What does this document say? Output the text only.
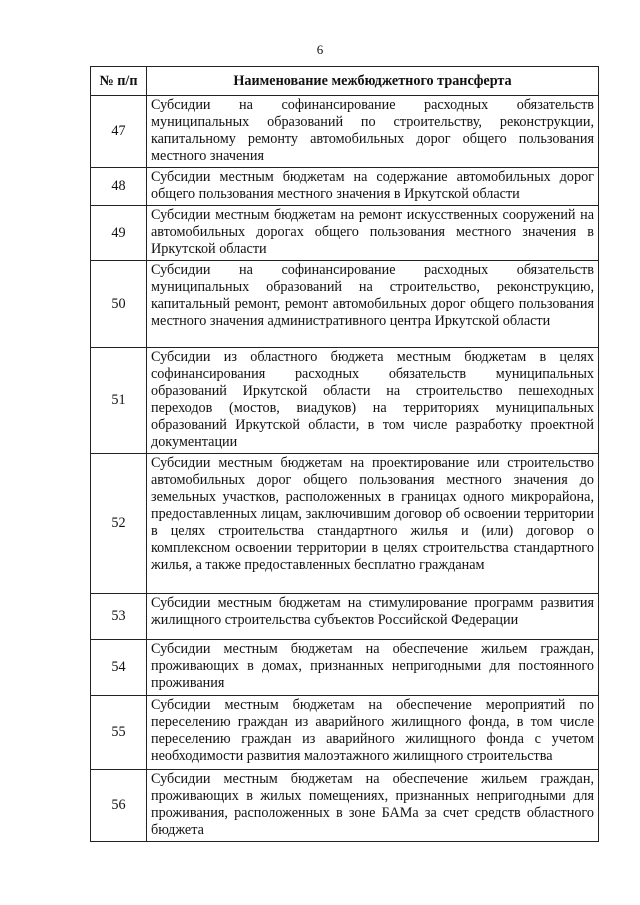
6
№ п/п	Наименование межбюджетного трансферта
47	Субсидии на софинансирование расходных обязательств муниципальных образований по строительству, реконструкции, капитальному ремонту автомобильных дорог общего пользования местного значения
48	Субсидии местным бюджетам на содержание автомобильных дорог общего пользования местного значения в Иркутской области
49	Субсидии местным бюджетам на ремонт искусственных сооружений на автомобильных дорогах общего пользования местного значения в Иркутской области
50	Субсидии на софинансирование расходных обязательств муниципальных образований на строительство, реконструкцию, капитальный ремонт, ремонт автомобильных дорог общего пользования местного значения административного центра Иркутской области
51	Субсидии из областного бюджета местным бюджетам в целях софинансирования расходных обязательств муниципальных образований Иркутской области на строительство пешеходных переходов (мостов, виадуков) на территориях муниципальных образований Иркутской области, в том числе разработку проектной документации
52	Субсидии местным бюджетам на проектирование или строительство автомобильных дорог общего пользования местного значения до земельных участков, расположенных в границах одного микрорайона, предоставленных лицам, заключившим договор об освоении территории в целях строительства стандартного жилья и (или) договор о комплексном освоении территории в целях строительства стандартного жилья, а также предоставленных бесплатно гражданам
53	Субсидии местным бюджетам на стимулирование программ развития жилищного строительства субъектов Российской Федерации
54	Субсидии местным бюджетам на обеспечение жильем граждан, проживающих в домах, признанных непригодными для постоянного проживания
55	Субсидии местным бюджетам на обеспечение мероприятий по переселению граждан из аварийного жилищного фонда, в том числе переселению граждан из аварийного жилищного фонда с учетом необходимости развития малоэтажного жилищного строительства
56	Субсидии местным бюджетам на обеспечение жильем граждан, проживающих в жилых помещениях, признанных непригодными для проживания, расположенных в зоне БАМа за счет средств областного бюджета
